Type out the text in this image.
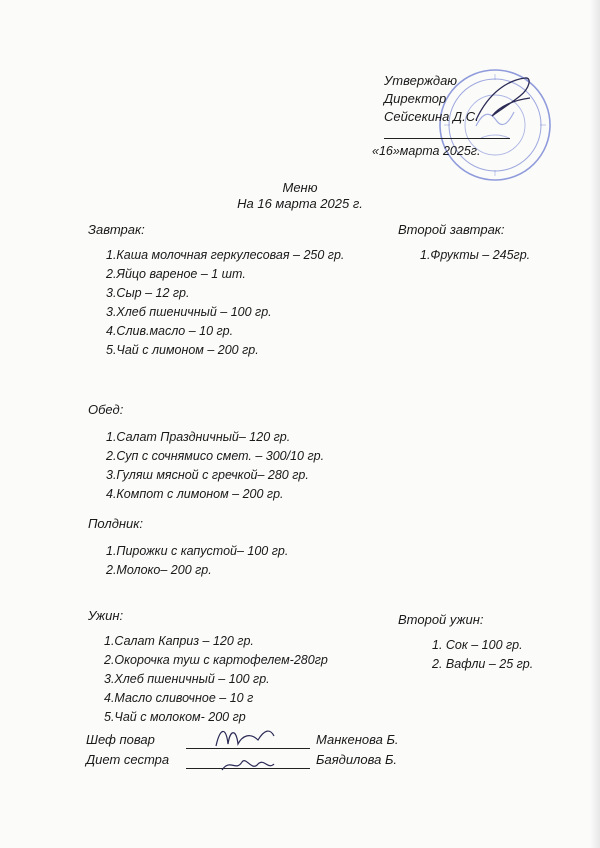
Утверждаю
Директор
Сейсекина Д.С.
«16»марта 2025г.
Меню
На 16 марта 2025 г.
Завтрак:
1.Каша молочная геркулесовая – 250 гр.
2.Яйцо вареное – 1 шт.
3.Сыр – 12 гр.
3.Хлеб пшеничный – 100 гр.
4.Слив.масло – 10 гр.
5.Чай с лимоном – 200 гр.
Второй завтрак:
1.Фрукты – 245гр.
Обед:
1.Салат Праздничный– 120 гр.
2.Суп с сочнямисо смет. – 300/10 гр.
3.Гуляш мясной с гречкой– 280 гр.
4.Компот с лимоном – 200 гр.
Полдник:
1.Пирожки с капустой– 100 гр.
2.Молоко– 200 гр.
Ужин:
1.Салат Каприз – 120 гр.
2.Окорочка туш с картофелем-280гр
3.Хлеб пшеничный – 100 гр.
4.Масло сливочное – 10 г
5.Чай с молоком- 200 гр
Второй ужин:
1. Сок – 100 гр.
2. Вафли – 25 гр.
Шеф повар	Манкенова Б.
Диет сестра	Баядилова Б.
